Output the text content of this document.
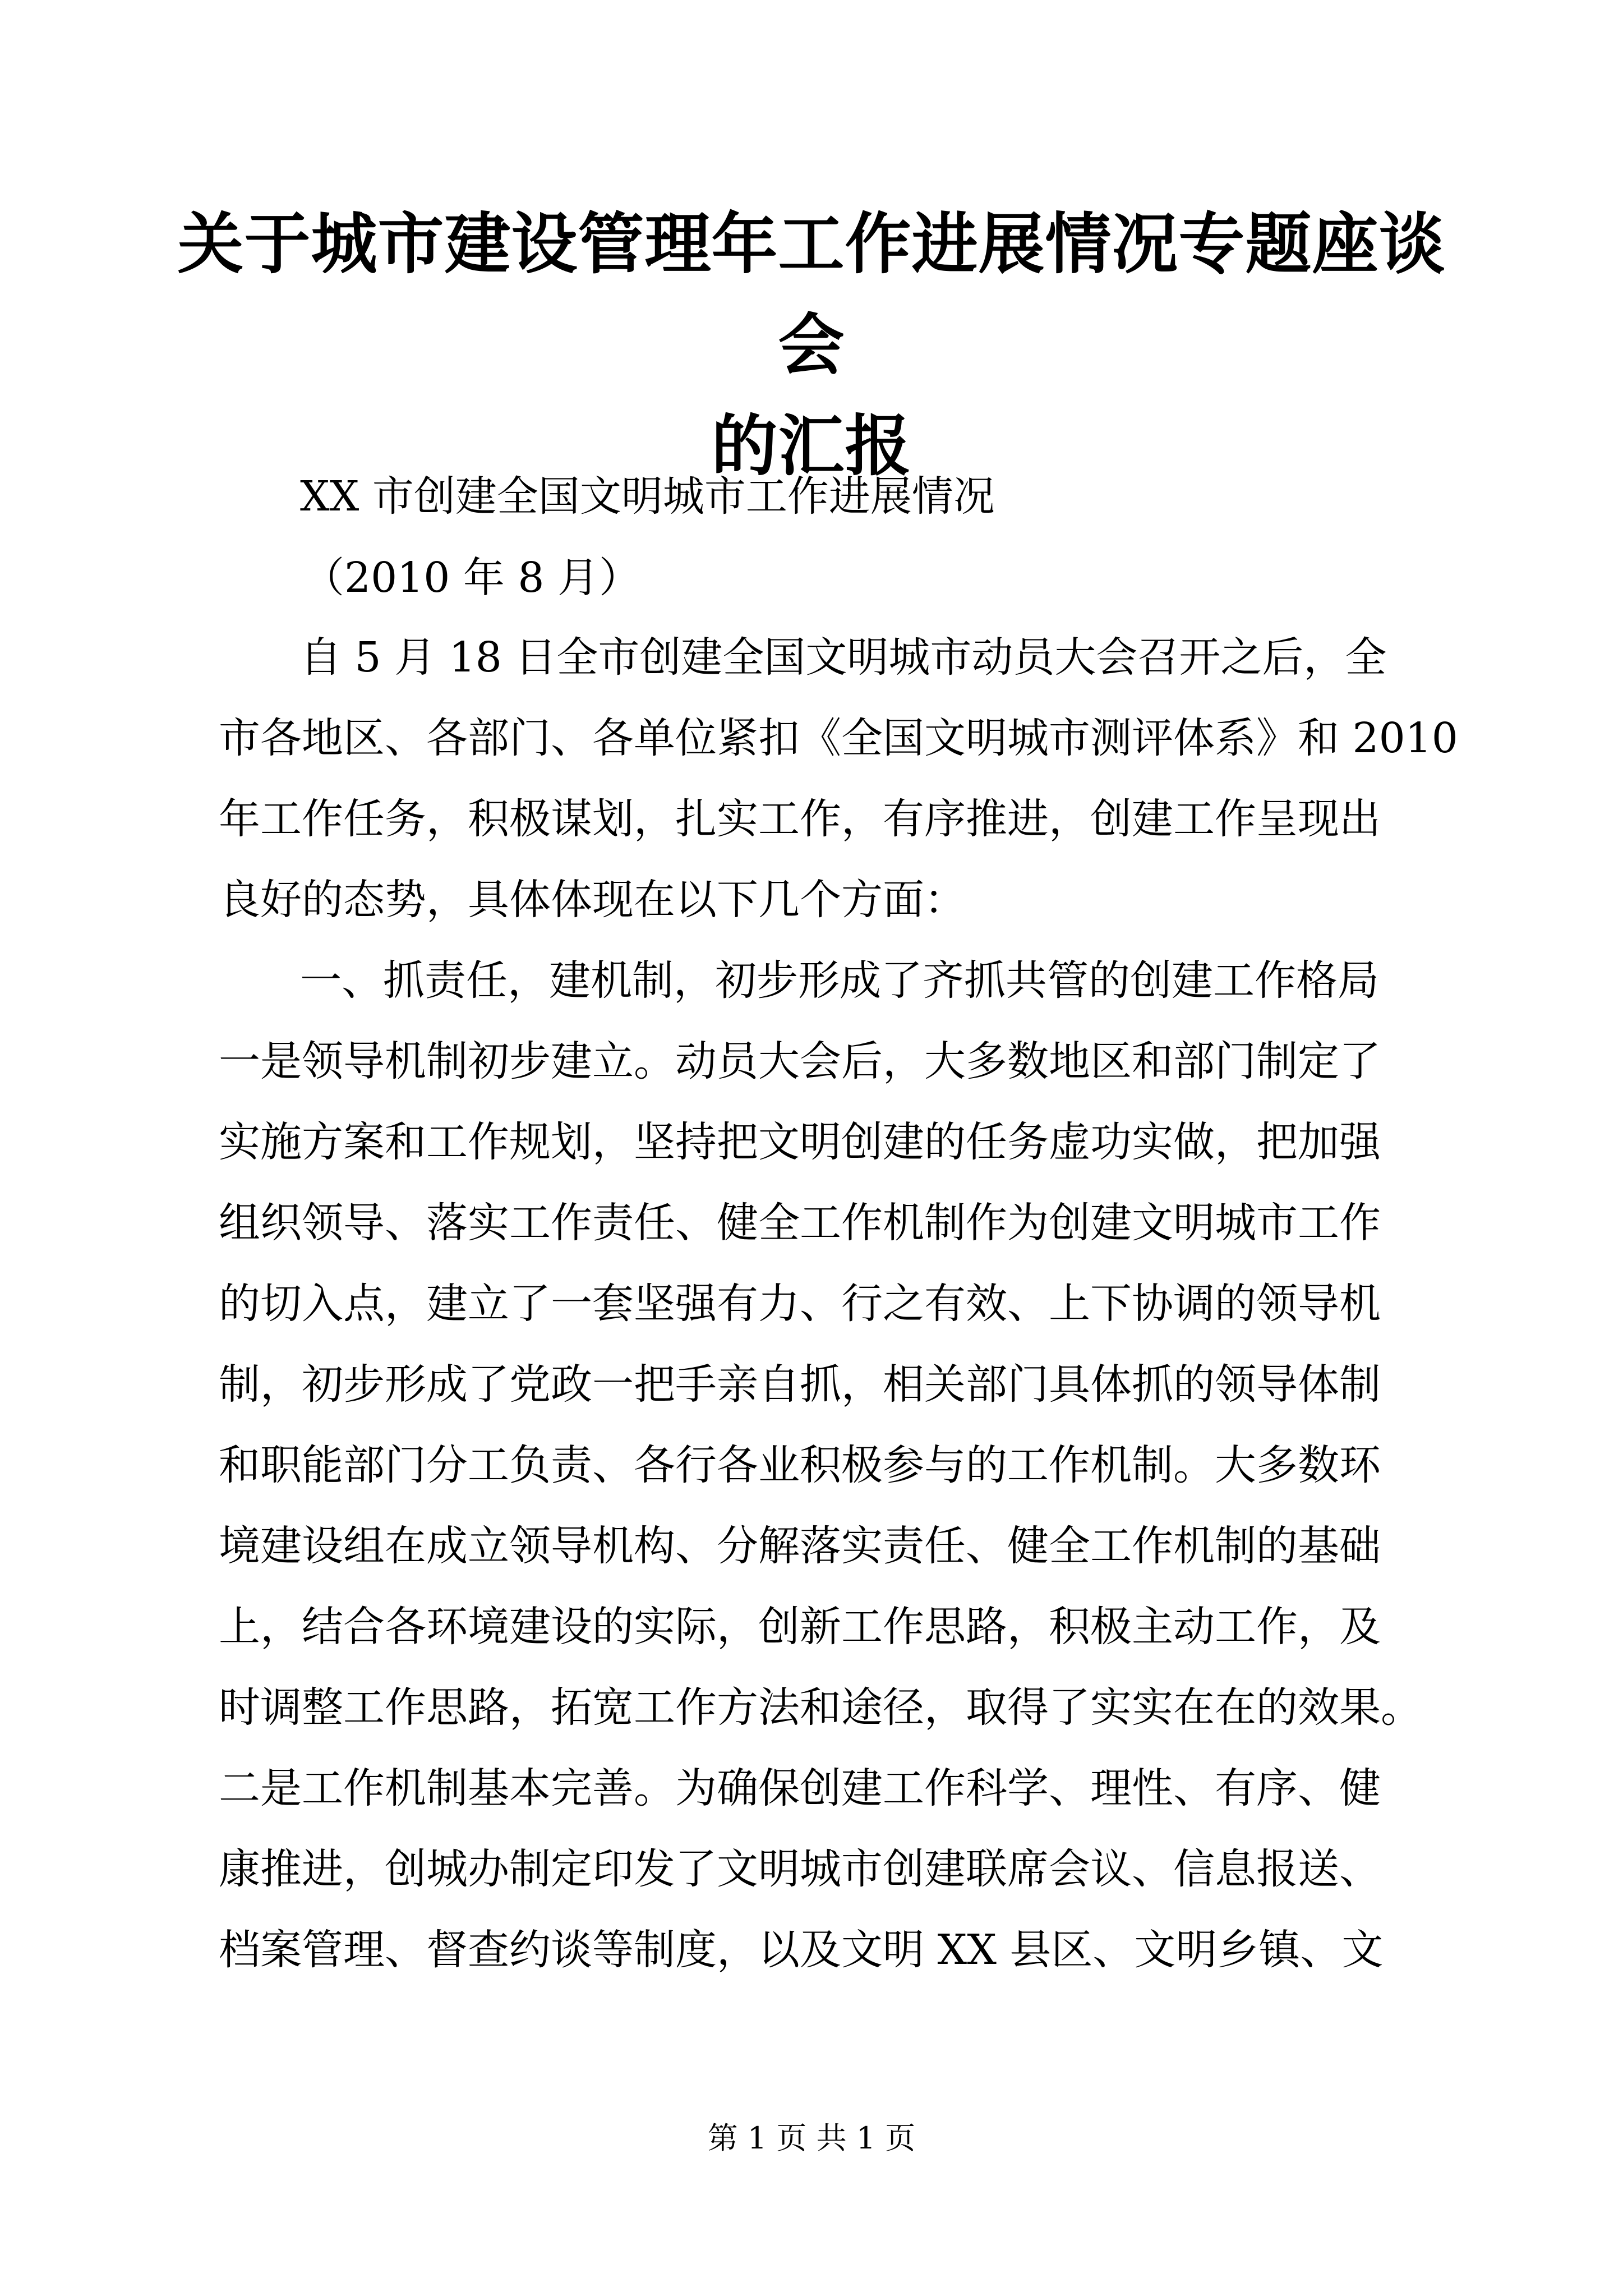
关于城市建设管理年工作进展情况专题座谈会
的汇报

XX 市创建全国文明城市工作进展情况

（2010 年 8 月）

自 5 月 18 日全市创建全国文明城市动员大会召开之后，全

市各地区、各部门、各单位紧扣《全国文明城市测评体系》和 2010

年工作任务，积极谋划，扎实工作，有序推进，创建工作呈现出

良好的态势，具体体现在以下几个方面：

一、抓责任，建机制，初步形成了齐抓共管的创建工作格局

一是领导机制初步建立。动员大会后，大多数地区和部门制定了

实施方案和工作规划，坚持把文明创建的任务虚功实做，把加强

组织领导、落实工作责任、健全工作机制作为创建文明城市工作

的切入点，建立了一套坚强有力、行之有效、上下协调的领导机

制，初步形成了党政一把手亲自抓，相关部门具体抓的领导体制

和职能部门分工负责、各行各业积极参与的工作机制。大多数环

境建设组在成立领导机构、分解落实责任、健全工作机制的基础

上，结合各环境建设的实际，创新工作思路，积极主动工作，及

时调整工作思路，拓宽工作方法和途径，取得了实实在在的效果。

二是工作机制基本完善。为确保创建工作科学、理性、有序、健

康推进，创城办制定印发了文明城市创建联席会议、信息报送、

档案管理、督查约谈等制度，以及文明 XX 县区、文明乡镇、文

第 1 页 共 1 页
